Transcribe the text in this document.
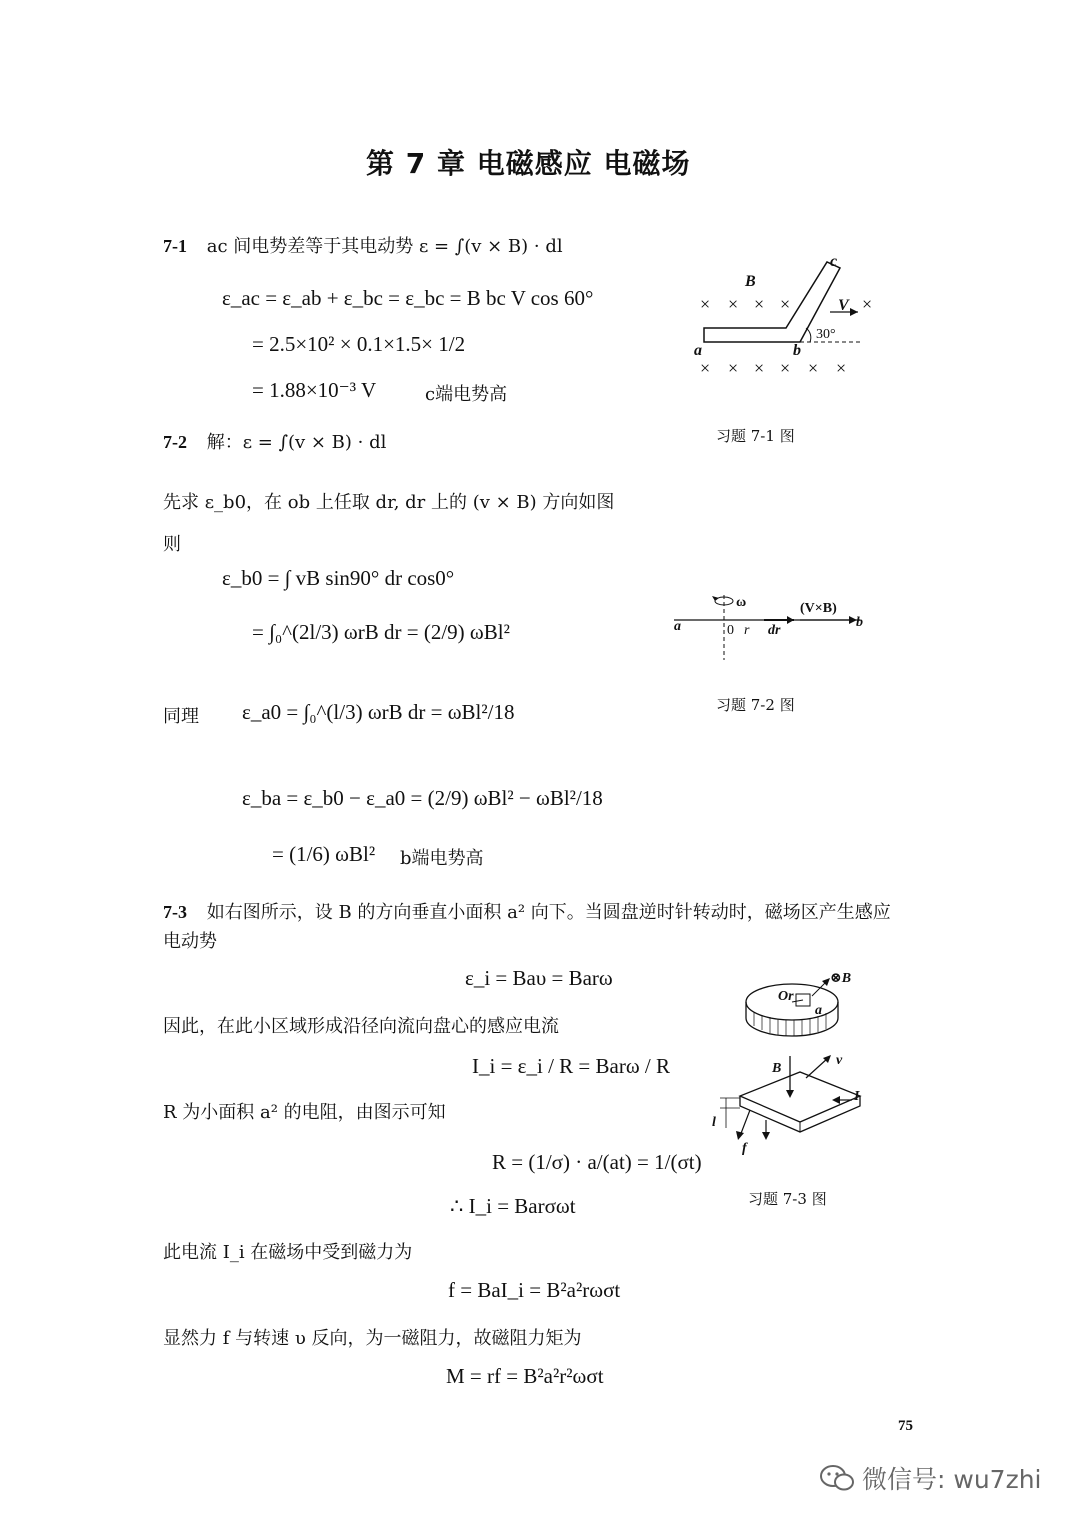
第 7 章 电磁感应 电磁场
7-1 ac 间电势差等于其电动势 ε = ∫(v × B) · dl
ε_ac = ε_ab + ε_bc = ε_bc = B bc V cos 60°
= 2.5×10² × 0.1×1.5× 1/2
= 1.88×10⁻³ V	c端电势高
B
c
V
a	b
30°
× × × ×	×
× × × × × ×
习题 7-1 图
7-2 解：ε = ∫(v × B) · dl
先求 ε_b0，在 ob 上任取 dr, dr 上的 (v × B) 方向如图
则
ε_b0 = ∫ vB sin90° dr cos0°
= ∫₀^(2l/3) ωrB dr = (2/9) ωBl²
同理 ε_a0 = ∫₀^(l/3) ωrB dr = ωBl²/18
ε_ba = ε_b0 − ε_a0 = (2/9) ωBl² − ωBl²/18
= (1/6) ωBl² b端电势高
ω	(V×B)
a	b
0 r dr
习题 7-2 图
7-3 如右图所示，设 B 的方向垂直小面积 a² 向下。当圆盘逆时针转动时，磁场区产生感应
电动势
ε_i = Baυ = Barω
因此，在此小区域形成沿径向流向盘心的感应电流
I_i = ε_i / R = Barω / R
R 为小面积 a² 的电阻，由图示可知
R = (1/σ) · a/(at) = 1/(σt)
∴ I_i = Barσωt
此电流 I_i 在磁场中受到磁力为
f = BaI_i = B²a²rωσt
显然力 f 与转速 υ 反向，为一磁阻力，故磁阻力矩为
M = rf = B²a²r²ωσt
Or
⊗B
a
B
v
I
l
f
习题 7-3 图
75
微信号: wu7zhi
